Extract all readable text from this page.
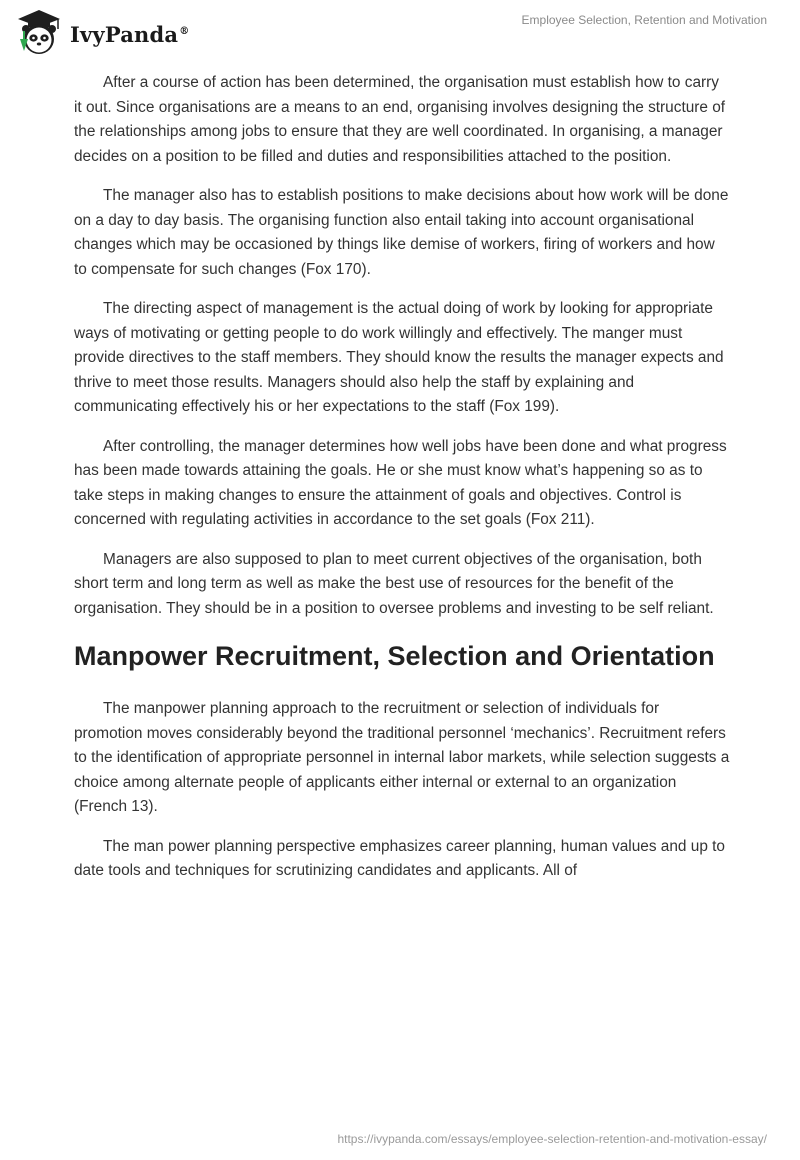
IvyPanda®
Employee Selection, Retention and Motivation

After a course of action has been determined, the organisation must establish how to carry it out. Since organisations are a means to an end, organising involves designing the structure of the relationships among jobs to ensure that they are well coordinated. In organising, a manager decides on a position to be filled and duties and responsibilities attached to the position.

The manager also has to establish positions to make decisions about how work will be done on a day to day basis. The organising function also entail taking into account organisational changes which may be occasioned by things like demise of workers, firing of workers and how to compensate for such changes (Fox 170).

The directing aspect of management is the actual doing of work by looking for appropriate ways of motivating or getting people to do work willingly and effectively. The manger must provide directives to the staff members. They should know the results the manager expects and thrive to meet those results. Managers should also help the staff by explaining and communicating effectively his or her expectations to the staff (Fox 199).

After controlling, the manager determines how well jobs have been done and what progress has been made towards attaining the goals. He or she must know what’s happening so as to take steps in making changes to ensure the attainment of goals and objectives. Control is concerned with regulating activities in accordance to the set goals (Fox 211).

Managers are also supposed to plan to meet current objectives of the organisation, both short term and long term as well as make the best use of resources for the benefit of the organisation. They should be in a position to oversee problems and investing to be self reliant.

Manpower Recruitment, Selection and Orientation

The manpower planning approach to the recruitment or selection of individuals for promotion moves considerably beyond the traditional personnel ‘mechanics’. Recruitment refers to the identification of appropriate personnel in internal labor markets, while selection suggests a choice among alternate people of applicants either internal or external to an organization (French 13).

The man power planning perspective emphasizes career planning, human values and up to date tools and techniques for scrutinizing candidates and applicants. All of

https://ivypanda.com/essays/employee-selection-retention-and-motivation-essay/
